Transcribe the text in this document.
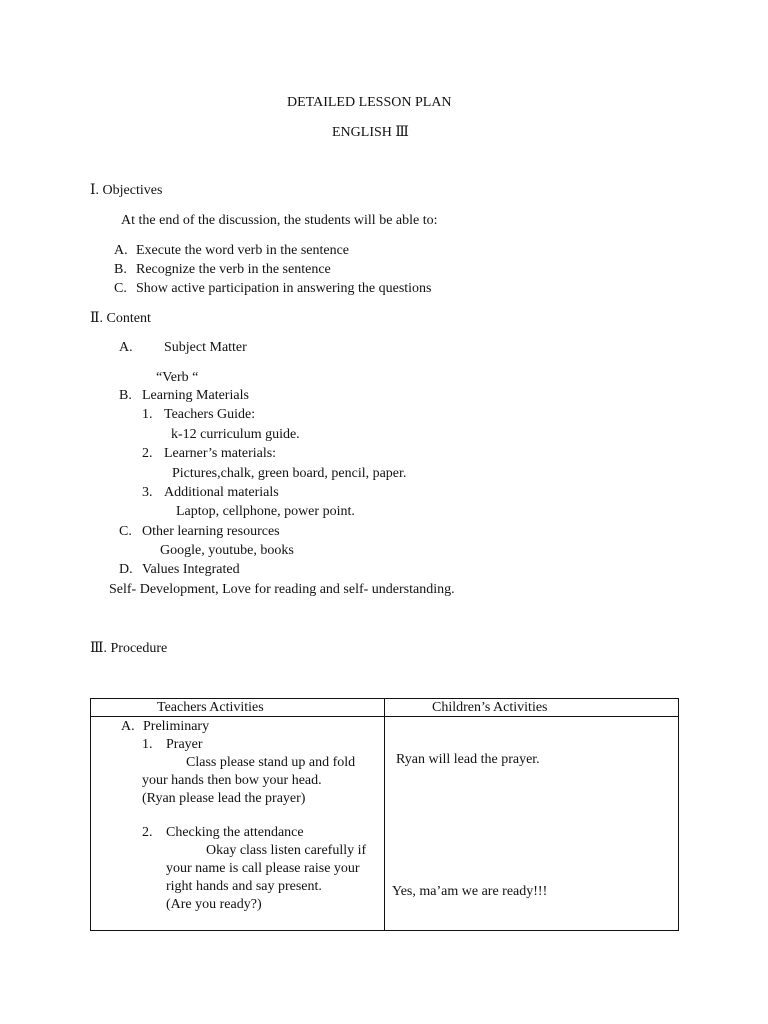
DETAILED LESSON PLAN
ENGLISH Ⅲ
Ⅰ. Objectives
At the end of the discussion, the students will be able to:
A. Execute the word verb in the sentence
B. Recognize the verb in the sentence
C. Show active participation in answering the questions
Ⅱ. Content
A. Subject Matter
“Verb “
B. Learning Materials
1. Teachers Guide:
k-12 curriculum guide.
2. Learner’s materials:
Pictures,chalk, green board, pencil, paper.
3. Additional materials
Laptop, cellphone, power point.
C. Other learning resources
Google, youtube, books
D. Values Integrated
Self- Development, Love for reading and self- understanding.
Ⅲ. Procedure
Teachers Activities	Children’s Activities
A. Preliminary
1. Prayer
Class please stand up and fold
your hands then bow your head.
(Ryan please lead the prayer)
Ryan will lead the prayer.
2. Checking the attendance
Okay class listen carefully if
your name is call please raise your
right hands and say present.
(Are you ready?)
Yes, ma’am we are ready!!!
